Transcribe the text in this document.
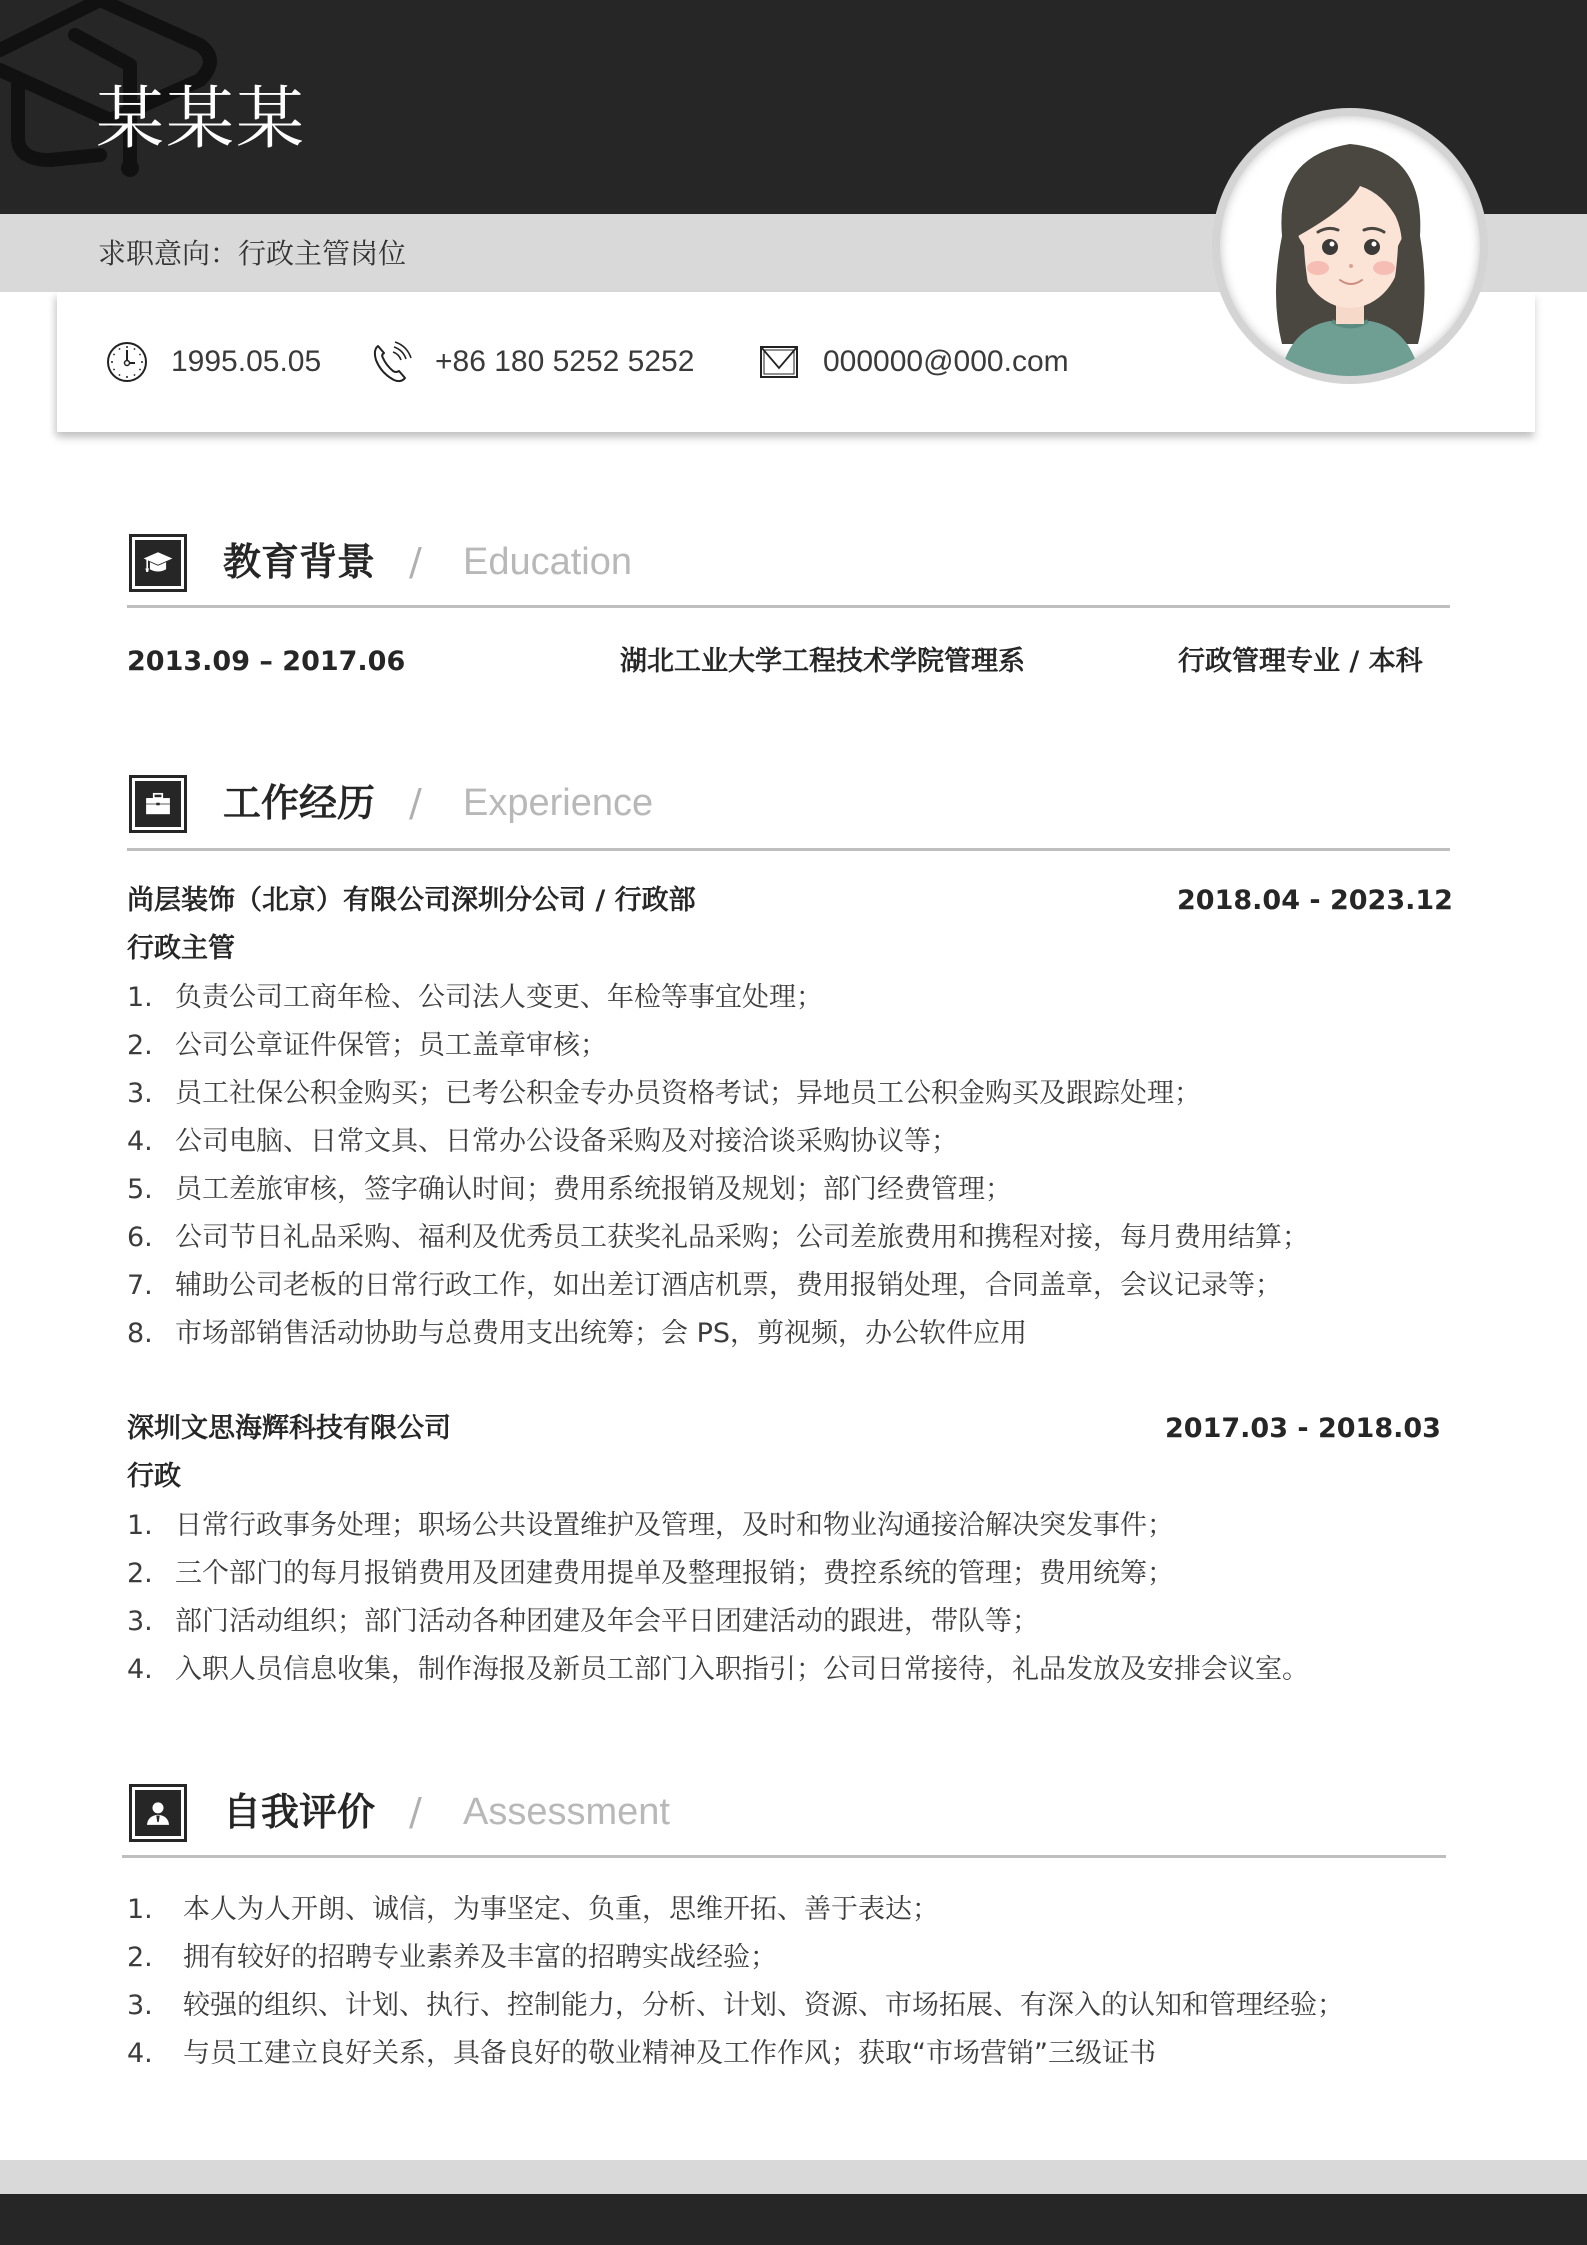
某某某
求职意向：行政主管岗位
1995.05.05	+86 180 5252 5252	000000@000.com
教育背景 / Education
2013.09 – 2017.06	湖北工业大学工程技术学院管理系	行政管理专业 / 本科
工作经历 / Experience
尚层装饰（北京）有限公司深圳分公司 / 行政部	2018.04 - 2023.12
行政主管
1. 负责公司工商年检、公司法人变更、年检等事宜处理；
2. 公司公章证件保管；员工盖章审核；
3. 员工社保公积金购买；已考公积金专办员资格考试；异地员工公积金购买及跟踪处理；
4. 公司电脑、日常文具、日常办公设备采购及对接洽谈采购协议等；
5. 员工差旅审核，签字确认时间；费用系统报销及规划；部门经费管理；
6. 公司节日礼品采购、福利及优秀员工获奖礼品采购；公司差旅费用和携程对接，每月费用结算；
7. 辅助公司老板的日常行政工作，如出差订酒店机票，费用报销处理，合同盖章，会议记录等；
8. 市场部销售活动协助与总费用支出统筹；会 PS，剪视频，办公软件应用
深圳文思海辉科技有限公司	2017.03 - 2018.03
行政
1. 日常行政事务处理；职场公共设置维护及管理，及时和物业沟通接洽解决突发事件；
2. 三个部门的每月报销费用及团建费用提单及整理报销；费控系统的管理；费用统筹；
3. 部门活动组织；部门活动各种团建及年会平日团建活动的跟进，带队等；
4. 入职人员信息收集，制作海报及新员工部门入职指引；公司日常接待，礼品发放及安排会议室。
自我评价 / Assessment
1.	本人为人开朗、诚信，为事坚定、负重，思维开拓、善于表达；
2.	拥有较好的招聘专业素养及丰富的招聘实战经验；
3.	较强的组织、计划、执行、控制能力，分析、计划、资源、市场拓展、有深入的认知和管理经验；
4.	与员工建立良好关系，具备良好的敬业精神及工作作风；获取“市场营销”三级证书
